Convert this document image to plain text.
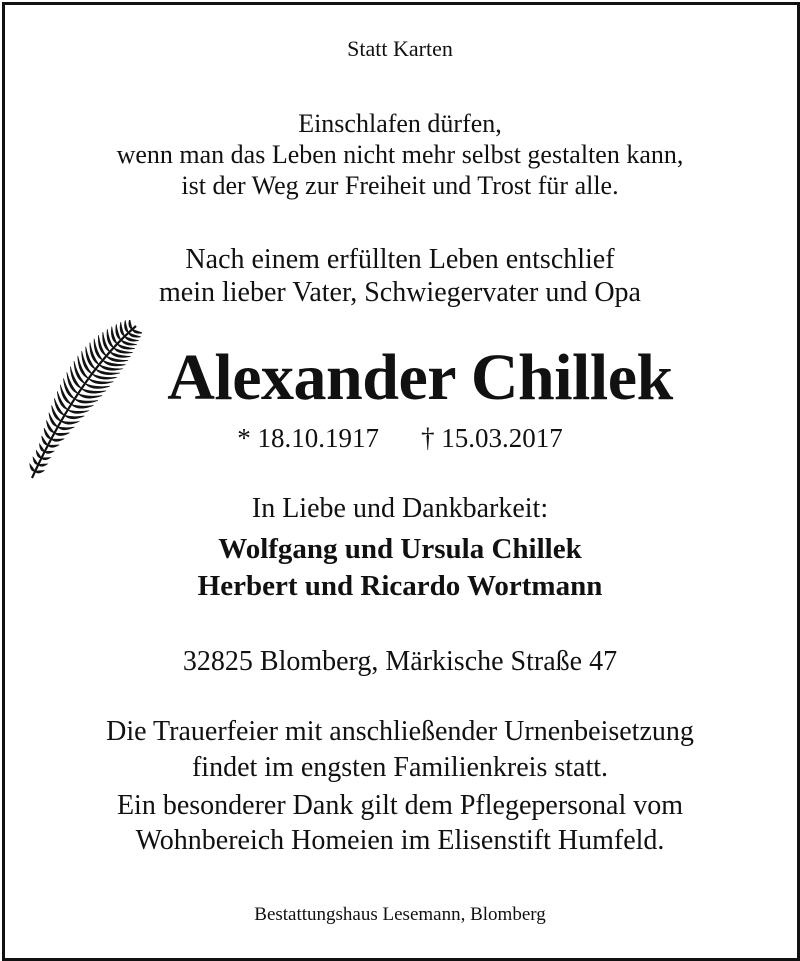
Statt Karten
Einschlafen dürfen,
wenn man das Leben nicht mehr selbst gestalten kann,
ist der Weg zur Freiheit und Trost für alle.
Nach einem erfüllten Leben entschlief
mein lieber Vater, Schwiegervater und Opa
Alexander Chillek
* 18.10.1917 † 15.03.2017
In Liebe und Dankbarkeit:
Wolfgang und Ursula Chillek
Herbert und Ricardo Wortmann
32825 Blomberg, Märkische Straße 47
Die Trauerfeier mit anschließender Urnenbeisetzung
findet im engsten Familienkreis statt.
Ein besonderer Dank gilt dem Pflegepersonal vom
Wohnbereich Homeien im Elisenstift Humfeld.
Bestattungshaus Lesemann, Blomberg
